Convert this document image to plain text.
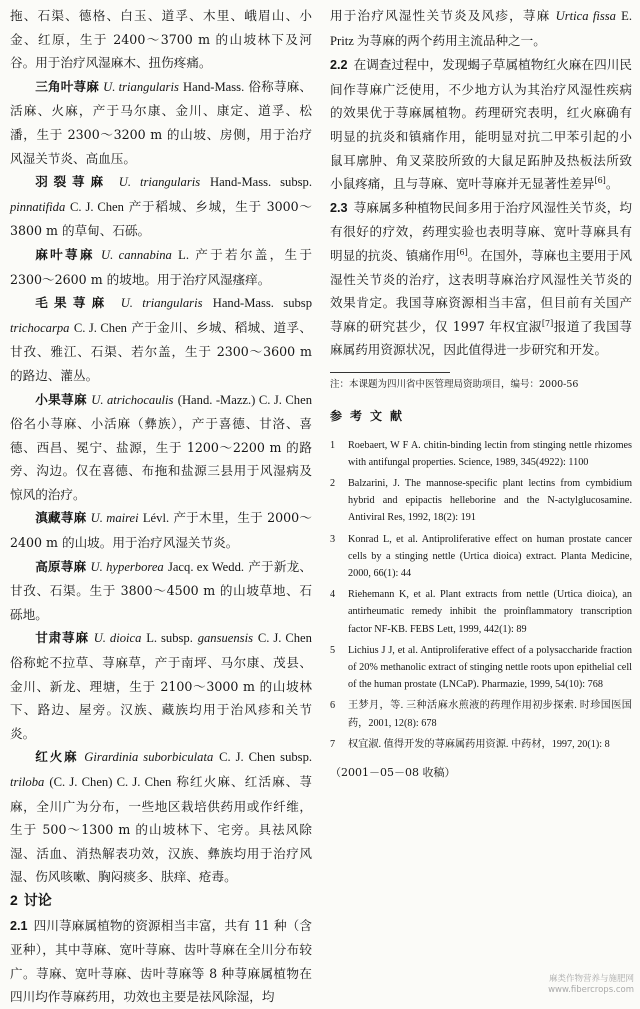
拖、石渠、德格、白玉、道孚、木里、峨眉山、小金、红原，生于 2400～3700 m 的山坡林下及河谷。用于治疗风湿麻木、扭伤疼痛。

三角叶荨麻 U. triangularis Hand-Mass. 俗称荨麻、活麻、火麻，产于马尔康、金川、康定、道孚、松潘，生于 2300～3200 m 的山坡、房侧，用于治疗风湿关节炎、高血压。

羽裂荨麻 U. triangularis Hand-Mass. subsp. pinnatifida C. J. Chen 产于稻城、乡城，生于 3000～3800 m 的草甸、石砾。

麻叶荨麻 U. cannabina L. 产于若尔盖，生于 2300～2600 m 的坡地。用于治疗风湿瘙痒。

毛果荨麻 U. triangularis Hand-Mass. subsp trichocarpa C. J. Chen 产于金川、乡城、稻城、道孚、甘孜、雅江、石渠、若尔盖，生于 2300～3600 m 的路边、灌丛。

小果荨麻 U. atrichocaulis (Hand. -Mazz.) C. J. Chen 俗名小荨麻、小活麻（彝族），产于喜德、甘洛、喜德、西昌、冕宁、盐源，生于 1200～2200 m 的路旁、沟边。仅在喜德、布拖和盐源三县用于风湿病及惊风的治疗。

滇藏荨麻 U. mairei Lévl. 产于木里，生于 2000～2400 m 的山坡。用于治疗风湿关节炎。

高原荨麻 U. hyperborea Jacq. ex Wedd. 产于新龙、甘孜、石渠。生于 3800～4500 m 的山坡草地、石砾地。

甘肃荨麻 U. dioica L. subsp. gansuensis C. J. Chen 俗称蛇不拉草、荨麻草，产于南坪、马尔康、茂县、金川、新龙、理塘，生于 2100～3000 m 的山坡林下、路边、屋旁。汉族、藏族均用于治风疹和关节炎。

红火麻 Girardinia suborbiculata C. J. Chen subsp. triloba (C. J. Chen) C. J. Chen 称红火麻、红活麻、荨麻，全川广为分布，一些地区栽培供药用或作纤维，生于 500～1300 m 的山坡林下、宅旁。具祛风除湿、活血、消热解表功效，汉族、彝族均用于治疗风湿、伤风咳嗽、胸闷痰多、肤痒、疮毒。

2 讨论

2.1 四川荨麻属植物的资源相当丰富，共有 11 种（含亚种），其中荨麻、宽叶荨麻、齿叶荨麻在全川分布较广。荨麻、宽叶荨麻、齿叶荨麻等 8 种荨麻属植物在四川均作荨麻药用，功效也主要是祛风除湿，均

用于治疗风湿性关节炎及风疹，荨麻 Urtica fissa E. Pritz 为荨麻的两个药用主流品种之一。

2.2 在调查过程中，发现蝎子草属植物红火麻在四川民间作荨麻广泛使用，不少地方认为其治疗风湿性疾病的效果优于荨麻属植物。药理研究表明，红火麻确有明显的抗炎和镇痛作用，能明显对抗二甲苯引起的小鼠耳廓肿、角叉菜胶所致的大鼠足跖肿及热板法所致小鼠疼痛，且与荨麻、宽叶荨麻并无显著性差异[6]。

2.3 荨麻属多种植物民间多用于治疗风湿性关节炎，均有很好的疗效，药理实验也表明荨麻、宽叶荨麻具有明显的抗炎、镇痛作用[6]。在国外，荨麻也主要用于风湿性关节炎的治疗，这表明荨麻治疗风湿性关节炎的效果肯定。我国荨麻资源相当丰富，但目前有关国产荨麻的研究甚少，仅 1997 年权宜淑[7]报道了我国荨麻属药用资源状况，因此值得进一步研究和开发。

注：本课题为四川省中医管理局资助项目，编号：2000-56

参考文献

1	Roebaert, W F A. chitin-binding lectin from stinging nettle rhizomes with antifungal properties. Science, 1989, 345(4922): 1100
2	Balzarini, J. The mannose-specific plant lectins from cymbidium hybrid and epipactis helleborine and the N-actylglucosamine. Antiviral Res, 1992, 18(2): 191
3	Konrad L, et al. Antiproliferative effect on human prostate cancer cells by a stinging nettle (Urtica dioica) extract. Planta Medicine, 2000, 66(1): 44
4	Riehemann K, et al. Plant extracts from nettle (Urtica dioica), an antirheumatic remedy inhibit the proinflammatory transcription factor NF-KB. FEBS Lett, 1999, 442(1): 89
5	Lichius J J, et al. Antiproliferative effect of a polysaccharide fraction of 20% methanolic extract of stinging nettle roots upon epithelial cell of the human prostate (LNCaP). Pharmazie, 1999, 54(10): 768
6	王梦月，等. 三种活麻水煎液的药理作用初步探索. 时珍国医国药，2001, 12(8): 678
7	权宜淑. 值得开发的荨麻属药用资源. 中药材，1997, 20(1): 8

（2001－05－08 收稿）

麻类作物营养与施肥网
www.fibercrops.com
